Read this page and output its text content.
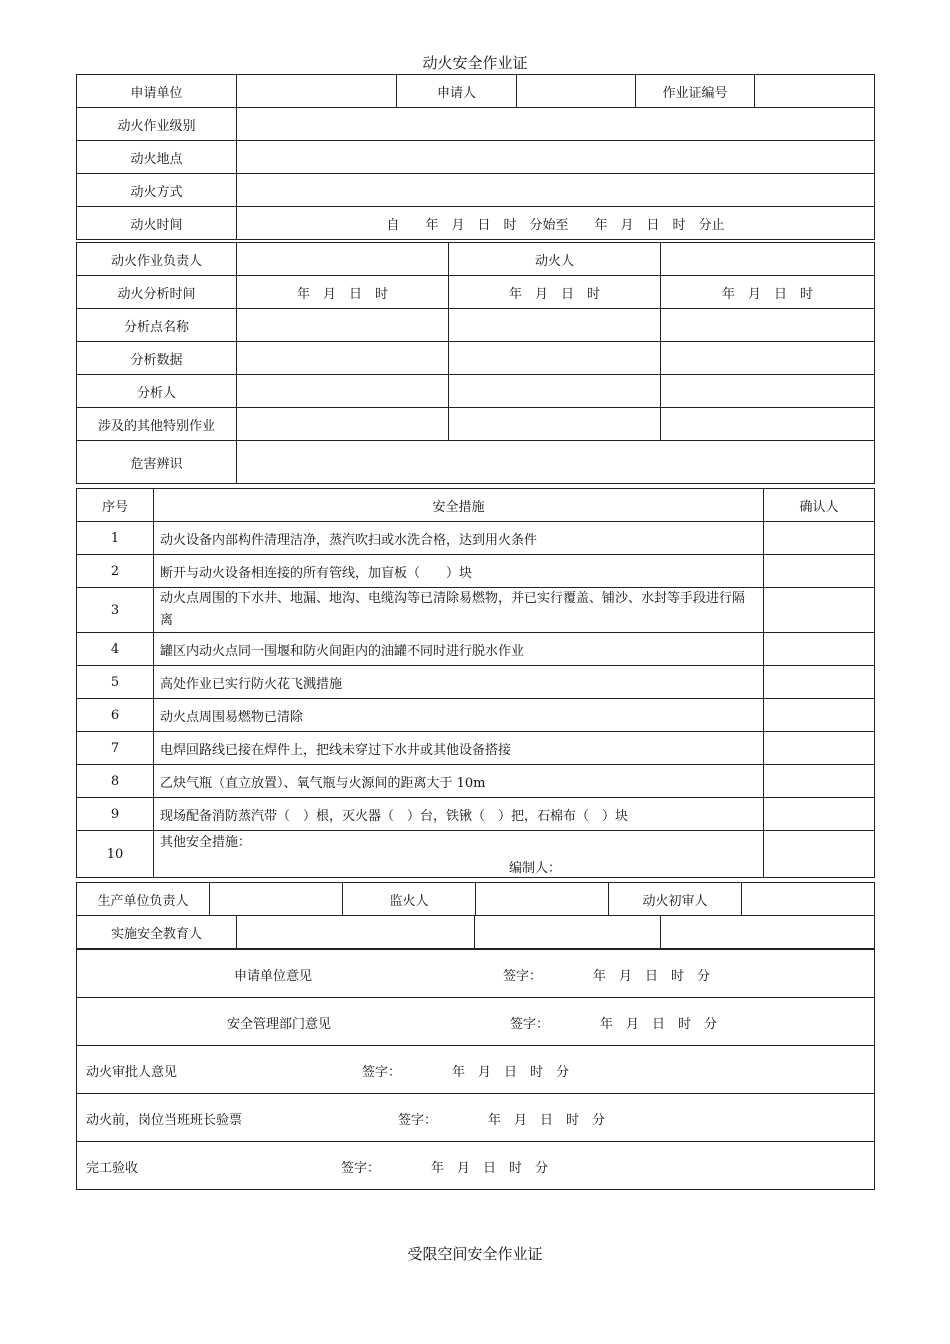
动火安全作业证
申请单位		申请人		作业证编号	
动火作业级别					
动火地点					
动火方式					
动火时间	自　　年　月　日　时　分始至　　年　月　日　时　分止				
动火作业负责人		动火人	
动火分析时间	年　月　日　时	年　月　日　时	年　月　日　时
分析点名称			
分析数据			
分析人			
涉及的其他特别作业			
危害辨识			
序号	安全措施	确认人
1	动火设备内部构件清理洁净，蒸汽吹扫或水洗合格，达到用火条件	
2	断开与动火设备相连接的所有管线，加盲板（　　）块	
3	动火点周围的下水井、地漏、地沟、电缆沟等已清除易燃物，并已实行覆盖、铺沙、水封等手段进行隔离	
4	罐区内动火点同一围堰和防火间距内的油罐不同时进行脱水作业	
5	高处作业已实行防火花飞溅措施	
6	动火点周围易燃物已清除	
7	电焊回路线已接在焊件上，把线未穿过下水井或其他设备搭接	
8	乙炔气瓶（直立放置）、氧气瓶与火源间的距离大于 10m	
9	现场配备消防蒸汽带（　）根，灭火器（　）台，铁锹（　）把，石棉布（　）块	
10	其他安全措施：
编制人：	

生产单位负责人		监火人		动火初审人	
实施安全教育人			
申请单位意见	签字：	年　月　日　时　分

安全管理部门意见	签字：	年　月　日　时　分

动火审批人意见	签字：	年　月　日　时　分

动火前，岗位当班班长验票	签字：	年　月　日　时　分

完工验收	签字：	年　月　日　时　分
受限空间安全作业证
